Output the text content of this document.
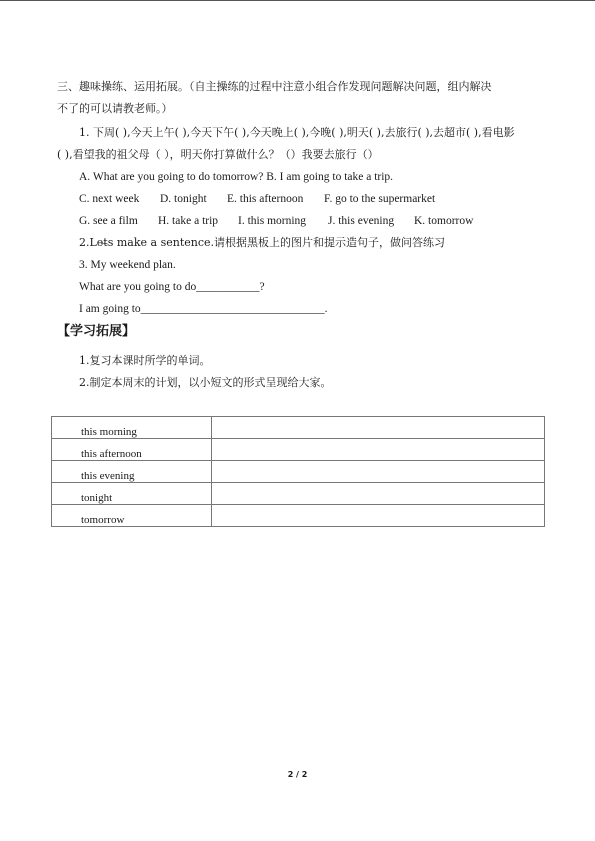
三、趣味操练、运用拓展。（自主操练的过程中注意小组合作发现问题解决问题，组内解决
不了的可以请教老师。）
1. 下周( ),今天上午( ),今天下午( ),今天晚上( ),今晚( ),明天( ),去旅行( ),去超市( ),看电影
( ),看望我的祖父母（ ），明天你打算做什么？（）我要去旅行（）
A. What are you going to do tomorrow? B. I am going to take a trip.
C. next week D. tonight E. this afternoon F. go to the supermarket
G. see a film H. take a trip I. this morning J. this evening K. tomorrow
2.Let̶s make a sentence.请根据黑板上的图片和提示造句子，做问答练习
3. My weekend plan.
What are you going to do___________?
I am going to________________________________.
【学习拓展】
1.复习本课时所学的单词。
2.制定本周末的计划，以小短文的形式呈现给大家。
this morning	
this afternoon	
this evening	
tonight	
tomorrow	
2 / 2
